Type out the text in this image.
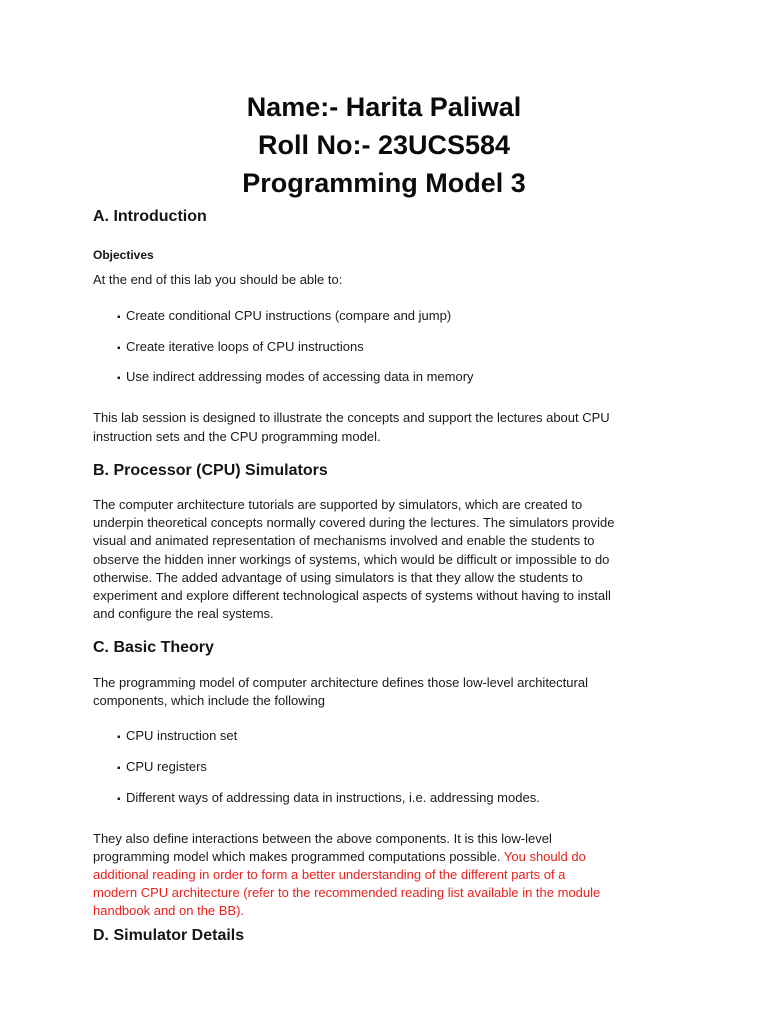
Name:- Harita Paliwal
Roll No:- 23UCS584
Programming Model 3
A. Introduction
Objectives
At the end of this lab you should be able to:
▪ Create conditional CPU instructions (compare and jump)
▪ Create iterative loops of CPU instructions
▪ Use indirect addressing modes of accessing data in memory
This lab session is designed to illustrate the concepts and support the lectures about CPU
instruction sets and the CPU programming model.
B. Processor (CPU) Simulators
The computer architecture tutorials are supported by simulators, which are created to
underpin theoretical concepts normally covered during the lectures. The simulators provide
visual and animated representation of mechanisms involved and enable the students to
observe the hidden inner workings of systems, which would be difficult or impossible to do
otherwise. The added advantage of using simulators is that they allow the students to
experiment and explore different technological aspects of systems without having to install
and configure the real systems.
C. Basic Theory
The programming model of computer architecture defines those low-level architectural
components, which include the following
▪ CPU instruction set
▪ CPU registers
▪ Different ways of addressing data in instructions, i.e. addressing modes.
They also define interactions between the above components. It is this low-level
programming model which makes programmed computations possible. You should do
additional reading in order to form a better understanding of the different parts of a
modern CPU architecture (refer to the recommended reading list available in the module
handbook and on the BB).
D. Simulator Details
